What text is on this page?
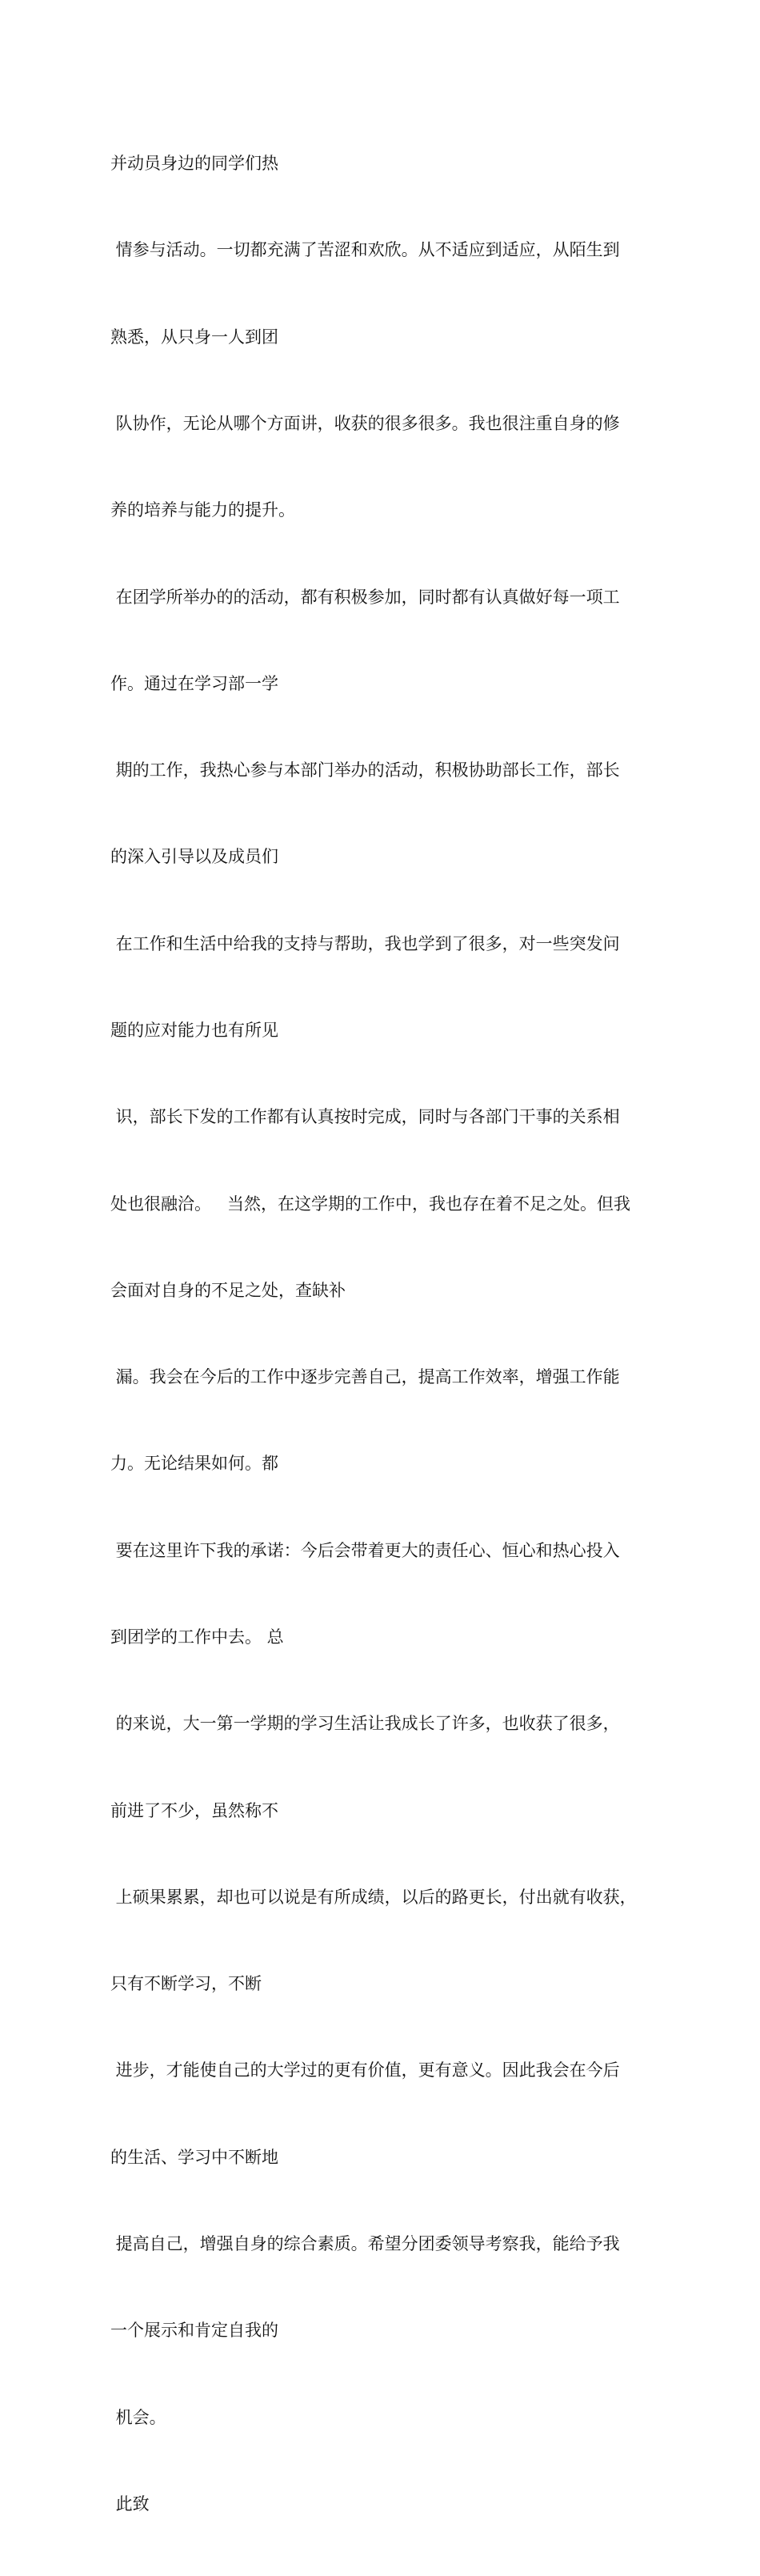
并动员身边的同学们热

情参与活动。一切都充满了苦涩和欢欣。从不适应到适应，从陌生到

熟悉，从只身一人到团

队协作，无论从哪个方面讲，收获的很多很多。我也很注重自身的修

养的培养与能力的提升。

在团学所举办的的活动，都有积极参加，同时都有认真做好每一项工

作。通过在学习部一学

期的工作，我热心参与本部门举办的活动，积极协助部长工作，部长

的深入引导以及成员们

在工作和生活中给我的支持与帮助，我也学到了很多，对一些突发问

题的应对能力也有所见

识，部长下发的工作都有认真按时完成，同时与各部门干事的关系相

处也很融洽。   当然，在这学期的工作中，我也存在着不足之处。但我

会面对自身的不足之处，查缺补

漏。我会在今后的工作中逐步完善自己，提高工作效率，增强工作能

力。无论结果如何。都

要在这里许下我的承诺：今后会带着更大的责任心、恒心和热心投入

到团学的工作中去。 总

的来说，大一第一学期的学习生活让我成长了许多，也收获了很多，

前进了不少，虽然称不

上硕果累累，却也可以说是有所成绩，以后的路更长，付出就有收获，

只有不断学习，不断

进步，才能使自己的大学过的更有价值，更有意义。因此我会在今后

的生活、学习中不断地

提高自己，增强自身的综合素质。希望分团委领导考察我，能给予我

一个展示和肯定自我的

机会。

此致
